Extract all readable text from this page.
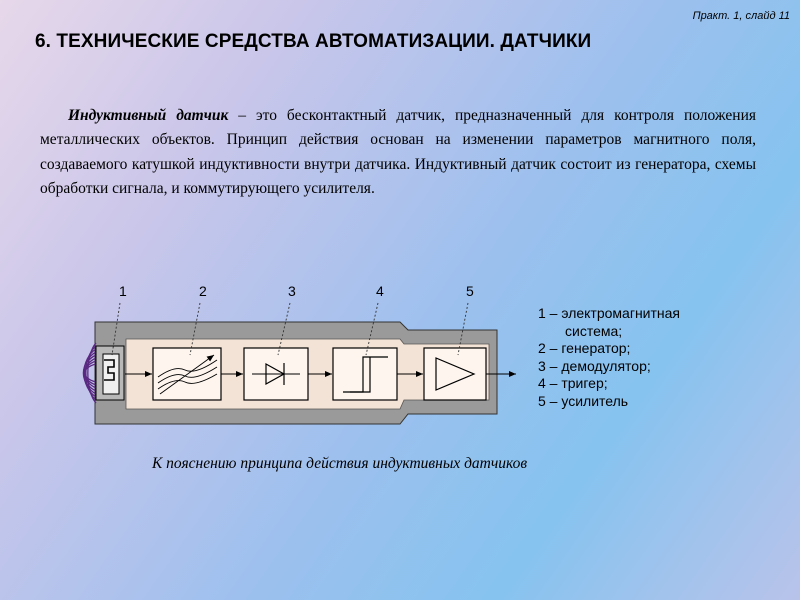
Практ. 1, слайд 11
6. ТЕХНИЧЕСКИЕ СРЕДСТВА АВТОМАТИЗАЦИИ. ДАТЧИКИ
Индуктивный датчик – это бесконтактный датчик, предназначенный для контроля положения металлических объектов. Принцип действия основан на изменении параметров магнитного поля, создаваемого катушкой индуктивности внутри датчика. Индуктивный датчик состоит из генератора, схемы обработки сигнала, и коммутирующего усилителя.
1	2	3	4	5
1 – электромагнитная
система;
2 – генератор;
3 – демодулятор;
4 – тригер;
5 – усилитель
К пояснению принципа действия индуктивных датчиков
